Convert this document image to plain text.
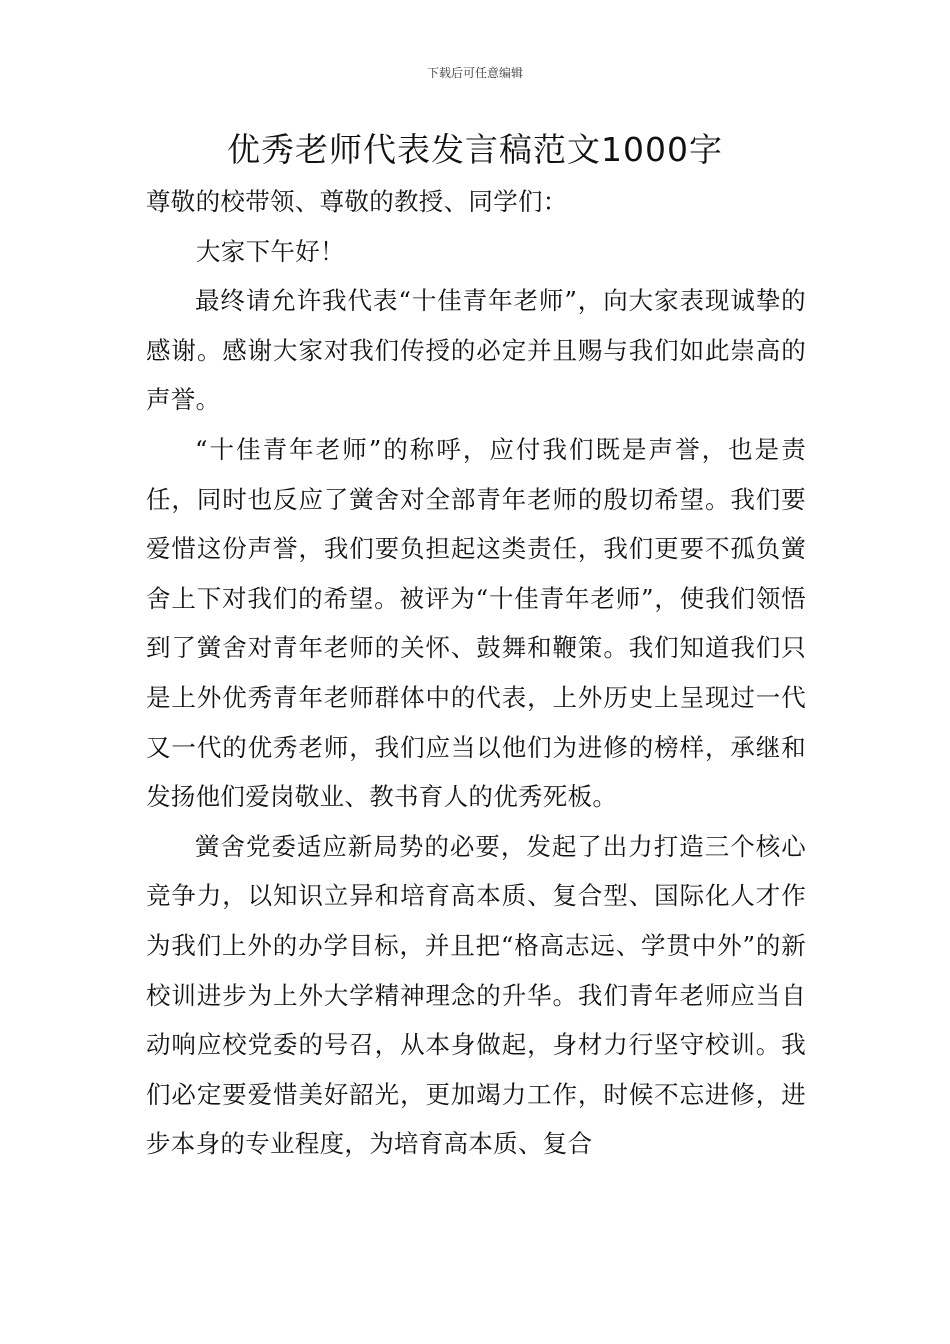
下载后可任意编辑
优秀老师代表发言稿范文1000字

尊敬的校带领、尊敬的教授、同学们：

大家下午好！

最终请允许我代表“十佳青年老师”，向大家表现诚挚的感谢。感谢大家对我们传授的必定并且赐与我们如此崇高的声誉。

“十佳青年老师”的称呼，应付我们既是声誉，也是责任，同时也反应了黉舍对全部青年老师的殷切希望。我们要爱惜这份声誉，我们要负担起这类责任，我们更要不孤负黉舍上下对我们的希望。被评为“十佳青年老师”，使我们领悟到了黉舍对青年老师的关怀、鼓舞和鞭策。我们知道我们只是上外优秀青年老师群体中的代表，上外历史上呈现过一代又一代的优秀老师，我们应当以他们为进修的榜样，承继和发扬他们爱岗敬业、教书育人的优秀死板。

黉舍党委适应新局势的必要，发起了出力打造三个核心竞争力，以知识立异和培育高本质、复合型、国际化人才作为我们上外的办学目标，并且把“格高志远、学贯中外”的新校训进步为上外大学精神理念的升华。我们青年老师应当自动响应校党委的号召，从本身做起，身材力行坚守校训。我们必定要爱惜美好韶光，更加竭力工作，时候不忘进修，进步本身的专业程度，为培育高本质、复合
